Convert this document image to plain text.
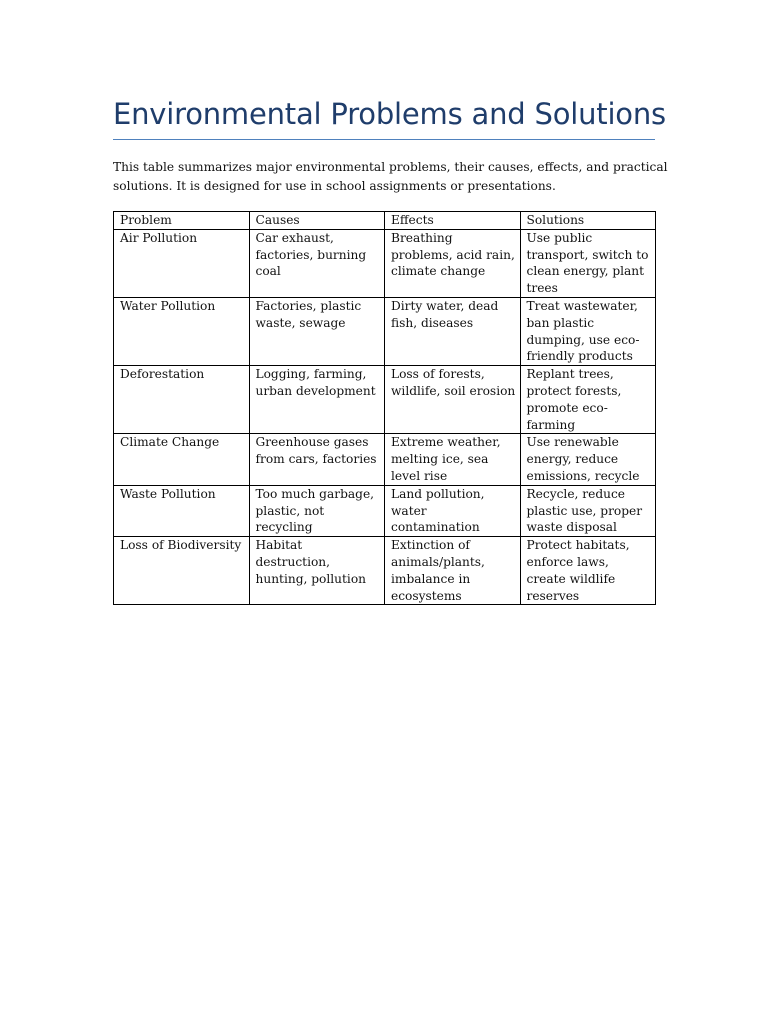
Environmental Problems and Solutions

This table summarizes major environmental problems, their causes, effects, and practical solutions. It is designed for use in school assignments or presentations.

Problem	Causes	Effects	Solutions
Air Pollution	Car exhaust, factories, burning coal	Breathing problems, acid rain, climate change	Use public transport, switch to clean energy, plant trees
Water Pollution	Factories, plastic waste, sewage	Dirty water, dead fish, diseases	Treat wastewater, ban plastic dumping, use eco-friendly products
Deforestation	Logging, farming, urban development	Loss of forests, wildlife, soil erosion	Replant trees, protect forests, promote eco-farming
Climate Change	Greenhouse gases from cars, factories	Extreme weather, melting ice, sea level rise	Use renewable energy, reduce emissions, recycle
Waste Pollution	Too much garbage, plastic, not recycling	Land pollution, water contamination	Recycle, reduce plastic use, proper waste disposal
Loss of Biodiversity	Habitat destruction, hunting, pollution	Extinction of animals/plants, imbalance in ecosystems	Protect habitats, enforce laws, create wildlife reserves
